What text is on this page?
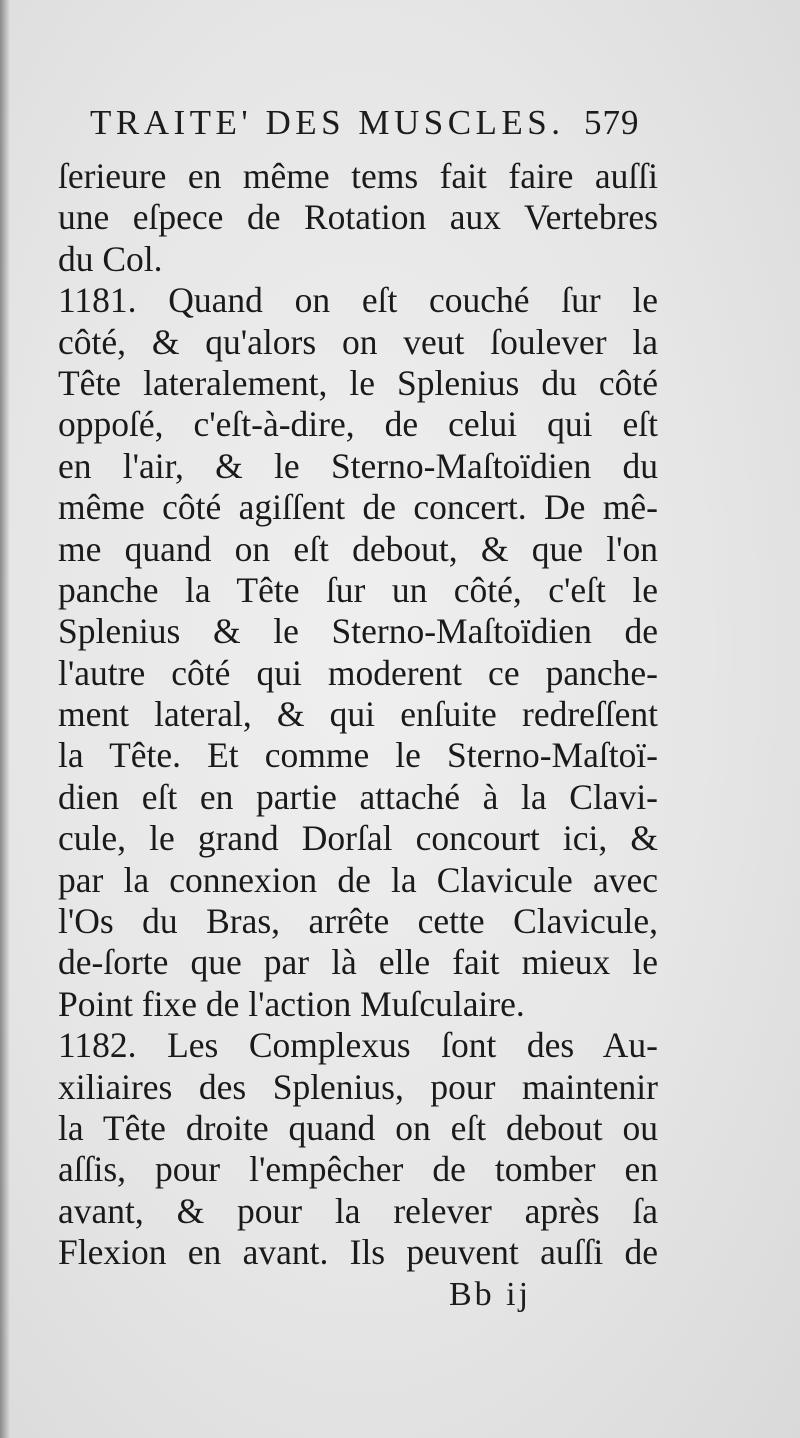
TRAITE' DES MUSCLES. 579
ſerieure en même tems fait faire auſſi
une eſpece de Rotation aux Vertebres
du Col.
1181. Quand on eſt couché ſur le
côté, & qu'alors on veut ſoulever la
Tête lateralement, le Splenius du côté
oppoſé, c'eſt-à-dire, de celui qui eſt
en l'air, & le Sterno-Maſtoïdien du
même côté agiſſent de concert. De mê-
me quand on eſt debout, & que l'on
panche la Tête ſur un côté, c'eſt le
Splenius & le Sterno-Maſtoïdien de
l'autre côté qui moderent ce panche-
ment lateral, & qui enſuite redreſſent
la Tête. Et comme le Sterno-Maſtoï-
dien eſt en partie attaché à la Clavi-
cule, le grand Dorſal concourt ici, &
par la connexion de la Clavicule avec
l'Os du Bras, arrête cette Clavicule,
de-ſorte que par là elle fait mieux le
Point fixe de l'action Muſculaire.
1182. Les Complexus ſont des Au-
xiliaires des Splenius, pour maintenir
la Tête droite quand on eſt debout ou
aſſis, pour l'empêcher de tomber en
avant, & pour la relever après ſa
Flexion en avant. Ils peuvent auſſi de
Bb ij
